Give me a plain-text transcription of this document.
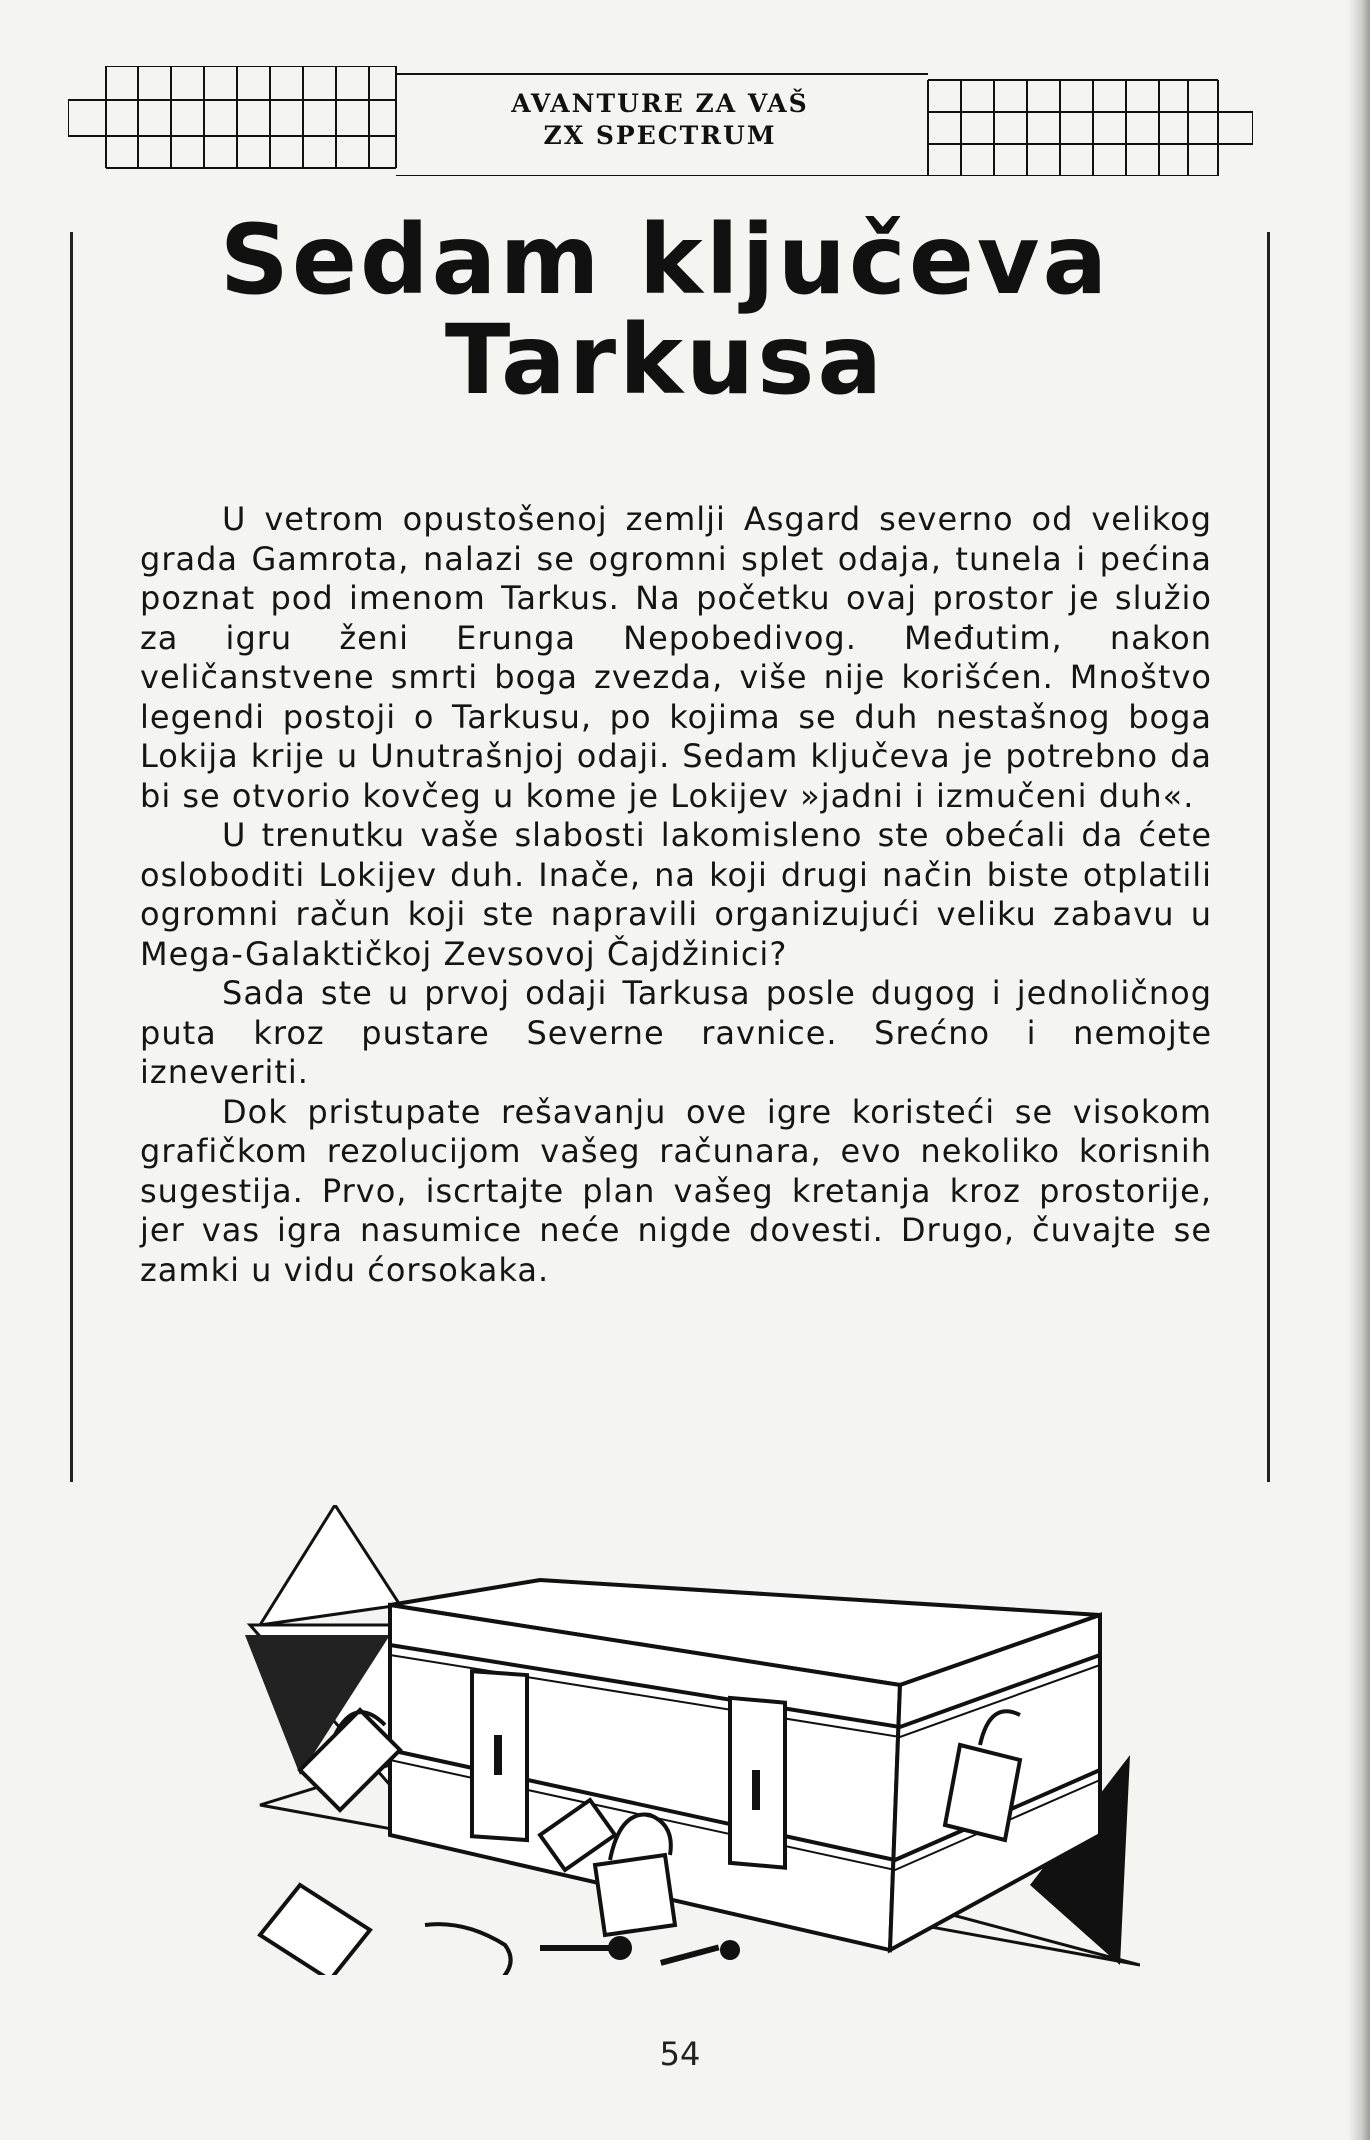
AVANTURE ZA VAŠ
ZX SPECTRUM
Sedam ključeva
Tarkusa

U vetrom opustošenoj zemlji Asgard severno od velikog grada Gamrota, nalazi se ogromni splet odaja, tunela i pećina poznat pod imenom Tarkus. Na početku ovaj prostor je služio za igru ženi Erunga Nepobedivog. Međutim, nakon veličanstvene smrti boga zvezda, više nije korišćen. Mnoštvo legendi postoji o Tarkusu, po kojima se duh nestašnog boga Lokija krije u Unutrašnjoj odaji. Sedam ključeva je potrebno da bi se otvorio kovčeg u kome je Lokijev »jadni i izmučeni duh«.

U trenutku vaše slabosti lakomisleno ste obećali da ćete osloboditi Lokijev duh. Inače, na koji drugi način biste otplatili ogromni račun koji ste napravili organizujući veliku zabavu u Mega-Galaktičkoj Zevsovoj Čajdžinici?

Sada ste u prvoj odaji Tarkusa posle dugog i jednoličnog puta kroz pustare Severne ravnice. Srećno i nemojte izneveriti.

Dok pristupate rešavanju ove igre koristeći se visokom grafičkom rezolucijom vašeg računara, evo nekoliko korisnih sugestija. Prvo, iscrtajte plan vašeg kretanja kroz prostorije, jer vas igra nasumice neće nigde dovesti. Drugo, čuvajte se zamki u vidu ćorsokaka.

54
